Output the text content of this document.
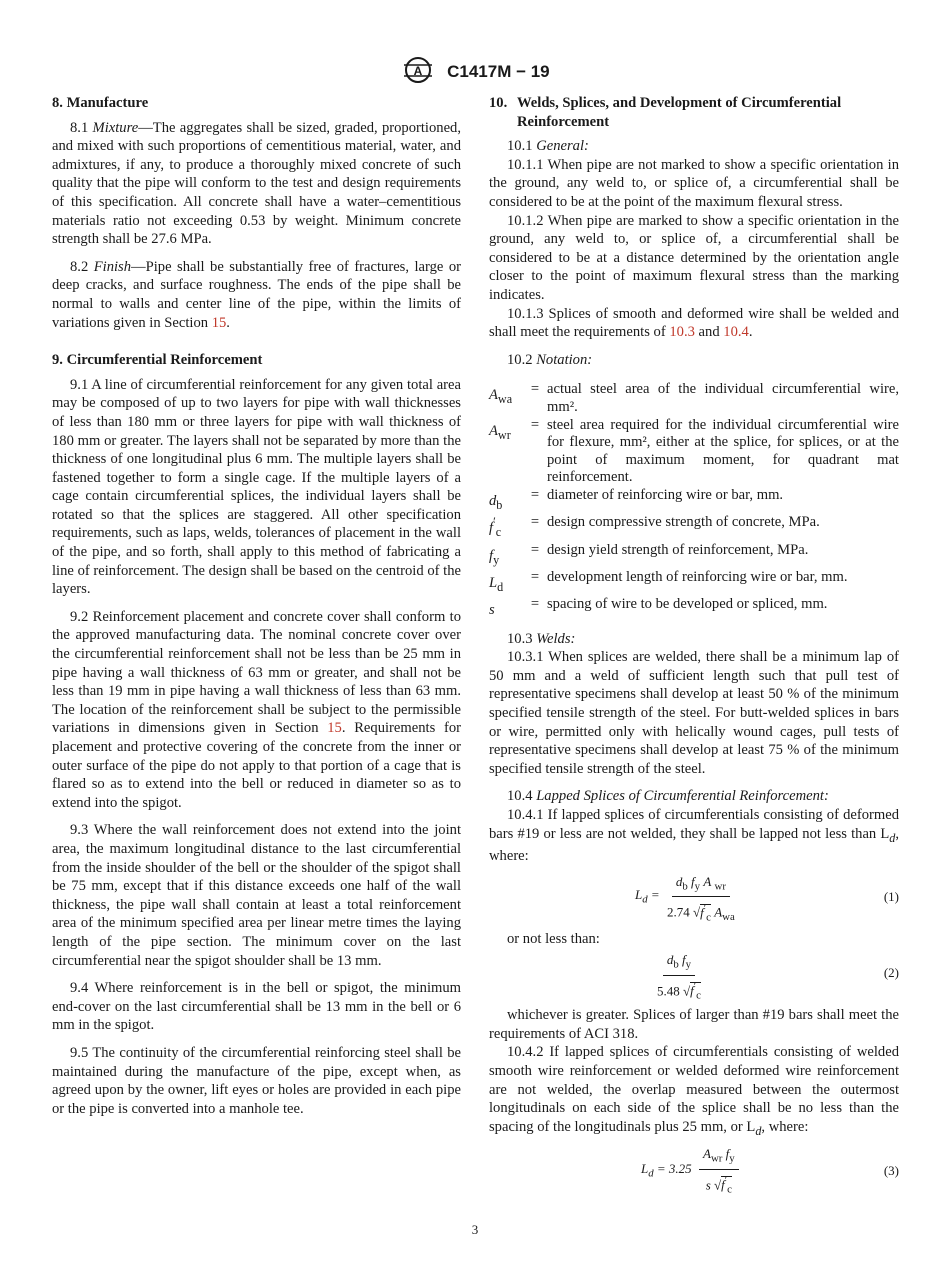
A C1417M − 19
8. Manufacture

8.1 Mixture—The aggregates shall be sized, graded, proportioned, and mixed with such proportions of cementitious material, water, and admixtures, if any, to produce a thoroughly mixed concrete of such quality that the pipe will conform to the test and design requirements of this specification. All concrete shall have a water–cementitious materials ratio not exceeding 0.53 by weight. Minimum concrete strength shall be 27.6 MPa.

8.2 Finish—Pipe shall be substantially free of fractures, large or deep cracks, and surface roughness. The ends of the pipe shall be normal to walls and center line of the pipe, within the limits of variations given in Section 15.

9. Circumferential Reinforcement

9.1 A line of circumferential reinforcement for any given total area may be composed of up to two layers for pipe with wall thicknesses of less than 180 mm or three layers for pipe with wall thickness of 180 mm or greater. The layers shall not be separated by more than the thickness of one longitudinal plus 6 mm. The multiple layers shall be fastened together to form a single cage. If the multiple layers of a cage contain circumferential splices, the individual layers shall be rotated so that the splices are staggered. All other specification requirements, such as laps, welds, tolerances of placement in the wall of the pipe, and so forth, shall apply to this method of fabricating a line of reinforcement. The design shall be based on the centroid of the layers.

9.2 Reinforcement placement and concrete cover shall conform to the approved manufacturing data. The nominal concrete cover over the circumferential reinforcement shall not be less than be 25 mm in pipe having a wall thickness of 63 mm or greater, and shall not be less than 19 mm in pipe having a wall thickness of less than 63 mm. The location of the reinforcement shall be subject to the permissible variations in dimensions given in Section 15. Requirements for placement and protective covering of the concrete from the inner or outer surface of the pipe do not apply to that portion of a cage that is flared so as to extend into the bell or reduced in diameter so as to extend into the spigot.

9.3 Where the wall reinforcement does not extend into the joint area, the maximum longitudinal distance to the last circumferential from the inside shoulder of the bell or the shoulder of the spigot shall be 75 mm, except that if this distance exceeds one half of the wall thickness, the pipe wall shall contain at least a total reinforcement area of the minimum specified area per linear metre times the laying length of the pipe section. The minimum cover on the last circumferential near the spigot shoulder shall be 13 mm.

9.4 Where reinforcement is in the bell or spigot, the minimum end-cover on the last circumferential shall be 13 mm in the bell or 6 mm in the spigot.

9.5 The continuity of the circumferential reinforcing steel shall be maintained during the manufacture of the pipe, except when, as agreed upon by the owner, lift eyes or holes are provided in each pipe or the pipe is converted into a manhole tee.

10. Welds, Splices, and Development of Circumferential Reinforcement

10.1 General:

10.1.1 When pipe are not marked to show a specific orientation in the ground, any weld to, or splice of, a circumferential shall be considered to be at the point of the maximum flexural stress.

10.1.2 When pipe are marked to show a specific orientation in the ground, any weld to, or splice of, a circumferential shall be considered to be at a distance determined by the orientation angle closer to the point of maximum flexural stress than the marking indicates.

10.1.3 Splices of smooth and deformed wire shall be welded and shall meet the requirements of 10.3 and 10.4.

10.2 Notation:

$A_{wa}$
= actual steel area of the individual circumferential wire, mm².
$A_{wr}$
= steel area required for the individual circumferential wire for flexure, mm², either at the splice, for splices, or at the point of maximum moment, for quadrant mat reinforcement.
$d_b$
= diameter of reinforcing wire or bar, mm.
$f'_c$
= design compressive strength of concrete, MPa.
$f_y$
= design yield strength of reinforcement, MPa.
$L_d$
= development length of reinforcing wire or bar, mm.
s	= spacing of wire to be developed or spliced, mm.

10.3 Welds:

10.3.1 When splices are welded, there shall be a minimum lap of 50 mm and a weld of sufficient length such that pull test of representative specimens shall develop at least 50 % of the minimum specified tensile strength of the steel. For butt-welded splices in bars or wire, permitted only with helically wound cages, pull tests of representative specimens shall develop at least 75 % of the minimum specified tensile strength of the steel.

10.4 Lapped Splices of Circumferential Reinforcement:

10.4.1 If lapped splices of circumferentials consisting of deformed bars #19 or less are not welded, they shall be lapped not less than $L_d$, where:

$L_d$ =
$d_b$ $f_y$ A $_{wr}$
2.74 $√f'_c$ $A_{wa}$
(1)

or not less than:

$\frac{d_b f_y}{5.48 √f'_c}$	(2)

whichever is greater. Splices of larger than #19 bars shall meet the requirements of ACI 318.

10.4.2 If lapped splices of circumferentials consisting of welded smooth wire reinforcement or welded deformed wire reinforcement are not welded, the overlap measured between the outermost longitudinals on each side of the splice shall be no less than the spacing of the longitudinals plus 25 mm, or $L_d$, where:

$L_d = 3.25$
$A_{wr}$ $f_y$
s $√f'_c$
(3)
3
